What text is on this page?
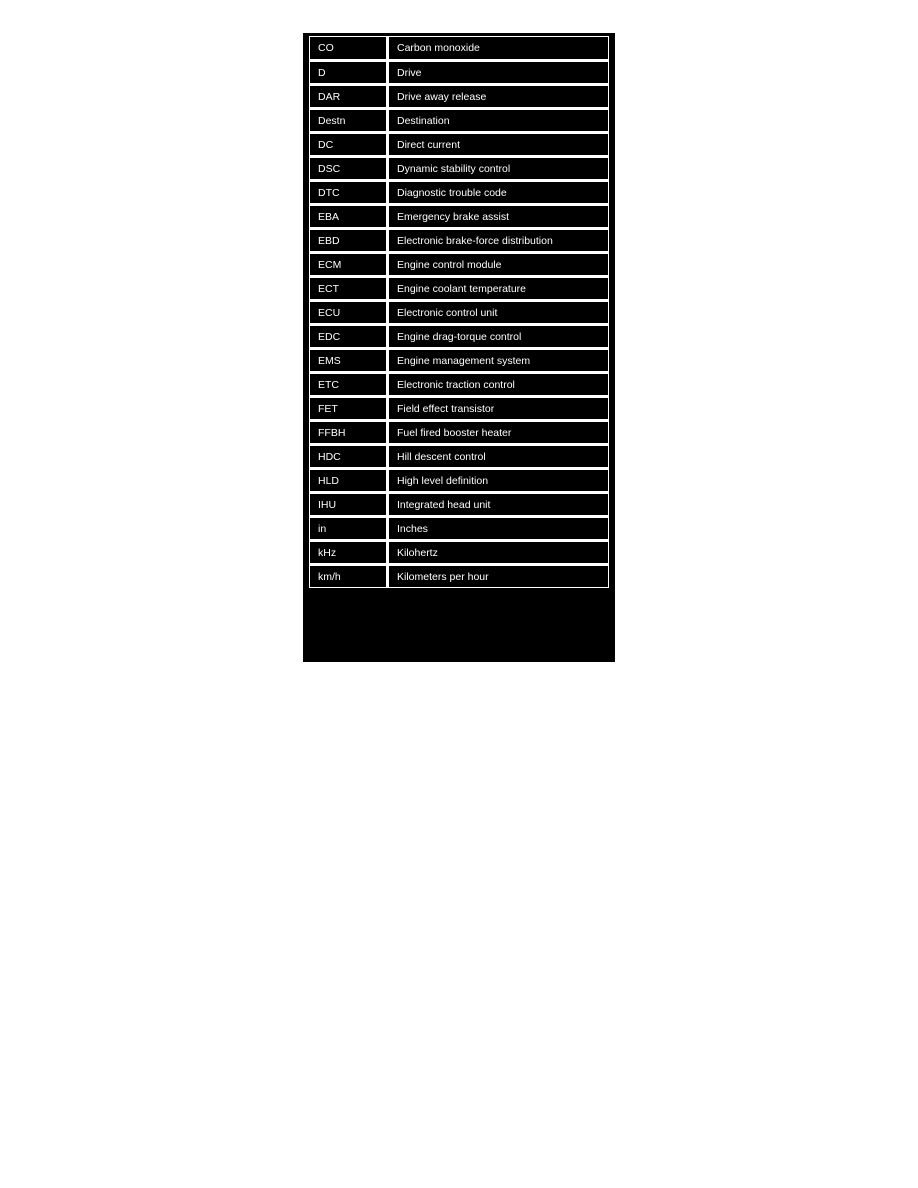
CO	Carbon monoxide
D	Drive
DAR	Drive away release
Destn	Destination
DC	Direct current
DSC	Dynamic stability control
DTC	Diagnostic trouble code
EBA	Emergency brake assist
EBD	Electronic brake-force distribution
ECM	Engine control module
ECT	Engine coolant temperature
ECU	Electronic control unit
EDC	Engine drag-torque control
EMS	Engine management system
ETC	Electronic traction control
FET	Field effect transistor
FFBH	Fuel fired booster heater
HDC	Hill descent control
HLD	High level definition
IHU	Integrated head unit
in	Inches
kHz	Kilohertz
km/h	Kilometers per hour
